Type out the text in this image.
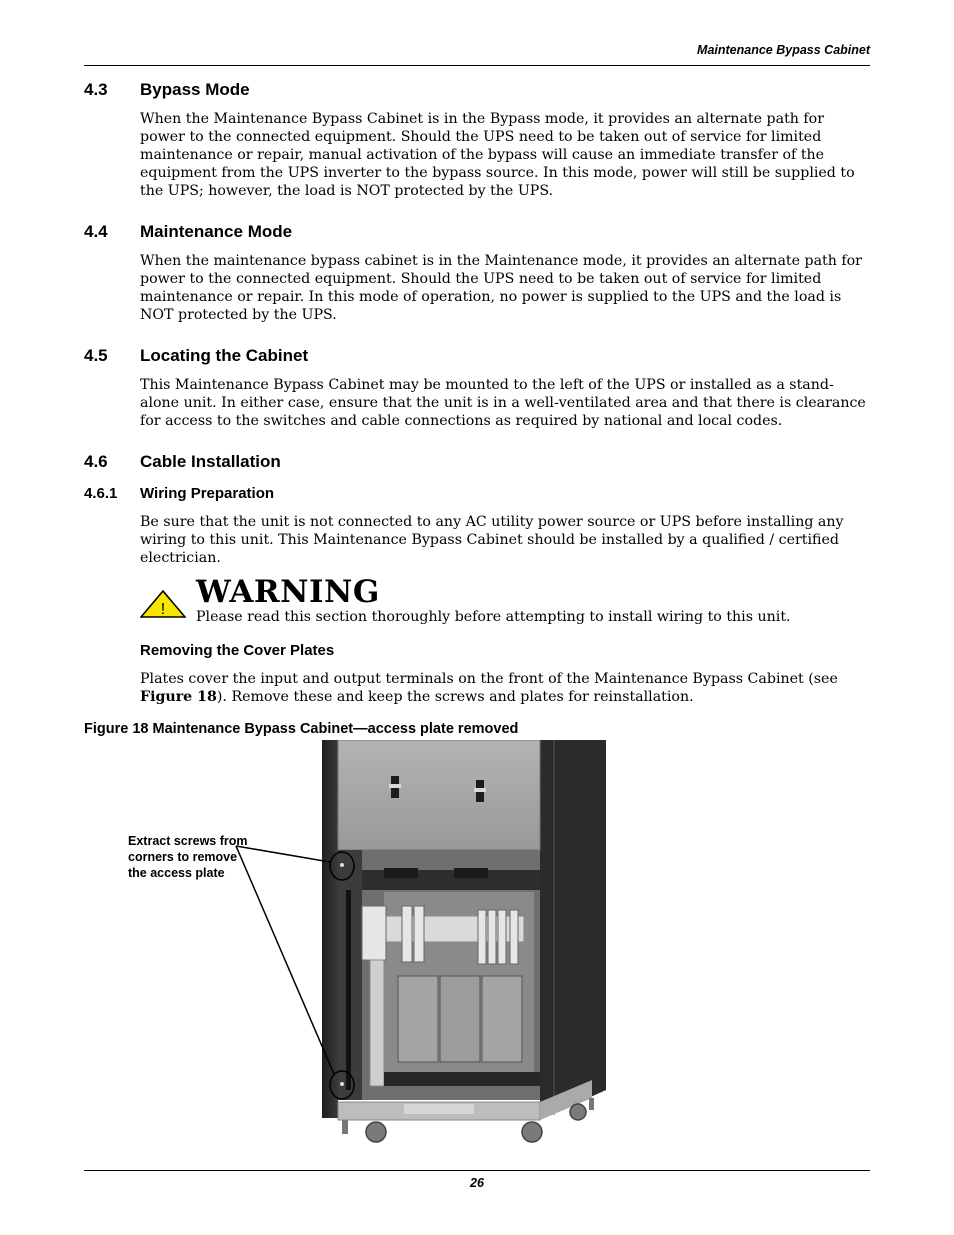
Maintenance Bypass Cabinet
4.3 Bypass Mode

When the Maintenance Bypass Cabinet is in the Bypass mode, it provides an alternate path for power to the connected equipment. Should the UPS need to be taken out of service for limited maintenance or repair, manual activation of the bypass will cause an immediate transfer of the equipment from the UPS inverter to the bypass source. In this mode, power will still be supplied to the UPS; however, the load is NOT protected by the UPS.

4.4 Maintenance Mode

When the maintenance bypass cabinet is in the Maintenance mode, it provides an alternate path for power to the connected equipment. Should the UPS need to be taken out of service for limited maintenance or repair. In this mode of operation, no power is supplied to the UPS and the load is NOT protected by the UPS.

4.5 Locating the Cabinet

This Maintenance Bypass Cabinet may be mounted to the left of the UPS or installed as a stand-alone unit. In either case, ensure that the unit is in a well-ventilated area and that there is clearance for access to the switches and cable connections as required by national and local codes.

4.6 Cable Installation
4.6.1 Wiring Preparation

Be sure that the unit is not connected to any AC utility power source or UPS before installing any wiring to this unit. This Maintenance Bypass Cabinet should be installed by a qualified / certified electrician.

! WARNING
Please read this section thoroughly before attempting to install wiring to this unit.
Removing the Cover Plates

Plates cover the input and output terminals on the front of the Maintenance Bypass Cabinet (see Figure 18). Remove these and keep the screws and plates for reinstallation.

Figure 18 Maintenance Bypass Cabinet—access plate removed
Extract screws from corners to remove the access plate
26
